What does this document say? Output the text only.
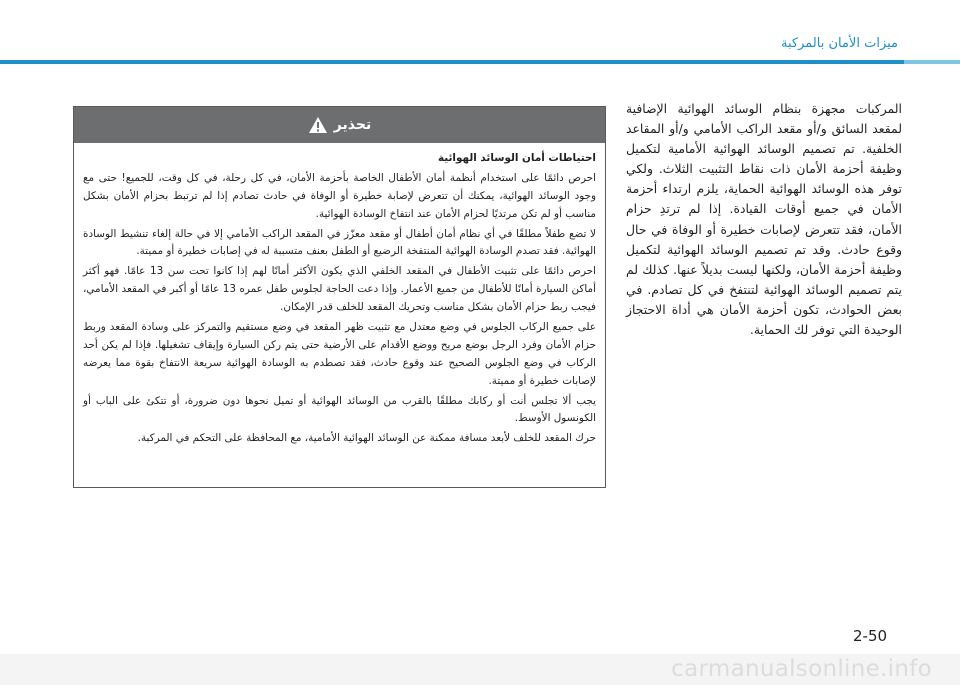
ميزات الأمان بالمركبة

المركبات مجهزة بنظام الوسائد الهوائية الإضافية لمقعد السائق و/أو مقعد الراكب الأمامي و/أو المقاعد الخلفية. تم تصميم الوسائد الهوائية الأمامية لتكميل وظيفة أحزمة الأمان ذات نقاط التثبيت الثلاث. ولكي توفر هذه الوسائد الهوائية الحماية، يلزم ارتداء أحزمة الأمان في جميع أوقات القيادة. إذا لم ترتدِ حزام الأمان، فقد تتعرض لإصابات خطيرة أو الوفاة في حال وقوع حادث. وقد تم تصميم الوسائد الهوائية لتكميل وظيفة أحزمة الأمان، ولكنها ليست بديلاً عنها. كذلك لم يتم تصميم الوسائد الهوائية لتنتفخ في كل تصادم. في بعض الحوادث، تكون أحزمة الأمان هي أداة الاحتجاز الوحيدة التي توفر لك الحماية.

تحذير

احتياطات أمان الوسائد الهوائية

احرص دائمًا على استخدام أنظمة أمان الأطفال الخاصة بأحزمة الأمان، في كل رحلة، في كل وقت، للجميع! حتى مع وجود الوسائد الهوائية، يمكنك أن تتعرض لإصابة خطيرة أو الوفاة في حادث تصادم إذا لم ترتبط بحزام الأمان بشكل مناسب أو لم تكن مرتديًا لحزام الأمان عند انتفاخ الوسادة الهوائية.

لا تضع طفلاً مطلقًا في أي نظام أمان أطفال أو مقعد معزّز في المقعد الراكب الأمامي إلا في حالة إلغاء تنشيط الوسادة الهوائية. فقد تصدم الوسادة الهوائية المنتفخة الرضيع أو الطفل بعنف متسببة له في إصابات خطيرة أو مميتة.

احرص دائمًا على تثبيت الأطفال في المقعد الخلفي الذي يكون الأكثر أمانًا لهم إذا كانوا تحت سن 13 عامًا. فهو أكثر أماكن السيارة أمانًا للأطفال من جميع الأعمار. وإذا دعت الحاجة لجلوس طفل عمره 13 عامًا أو أكبر في المقعد الأمامي، فيجب ربط حزام الأمان بشكل مناسب وتحريك المقعد للخلف قدر الإمكان.

على جميع الركاب الجلوس في وضع معتدل مع تثبيت ظهر المقعد في وضع مستقيم والتمركز على وسادة المقعد وربط حزام الأمان وفرد الرجل بوضع مريح ووضع الأقدام على الأرضية حتى يتم ركن السيارة وإيقاف تشغيلها. فإذا لم يكن أحد الركاب في وضع الجلوس الصحيح عند وقوع حادث، فقد تصطدم به الوسادة الهوائية سريعة الانتفاخ بقوة مما يعرضه لإصابات خطيرة أو مميتة.

يجب ألا تجلس أنت أو ركابك مطلقًا بالقرب من الوسائد الهوائية أو تميل نحوها دون ضرورة، أو تتكئ على الباب أو الكونسول الأوسط.

حرك المقعد للخلف لأبعد مسافة ممكنة عن الوسائد الهوائية الأمامية، مع المحافظة على التحكم في المركبة.

2-50
carmanualsonline.info
